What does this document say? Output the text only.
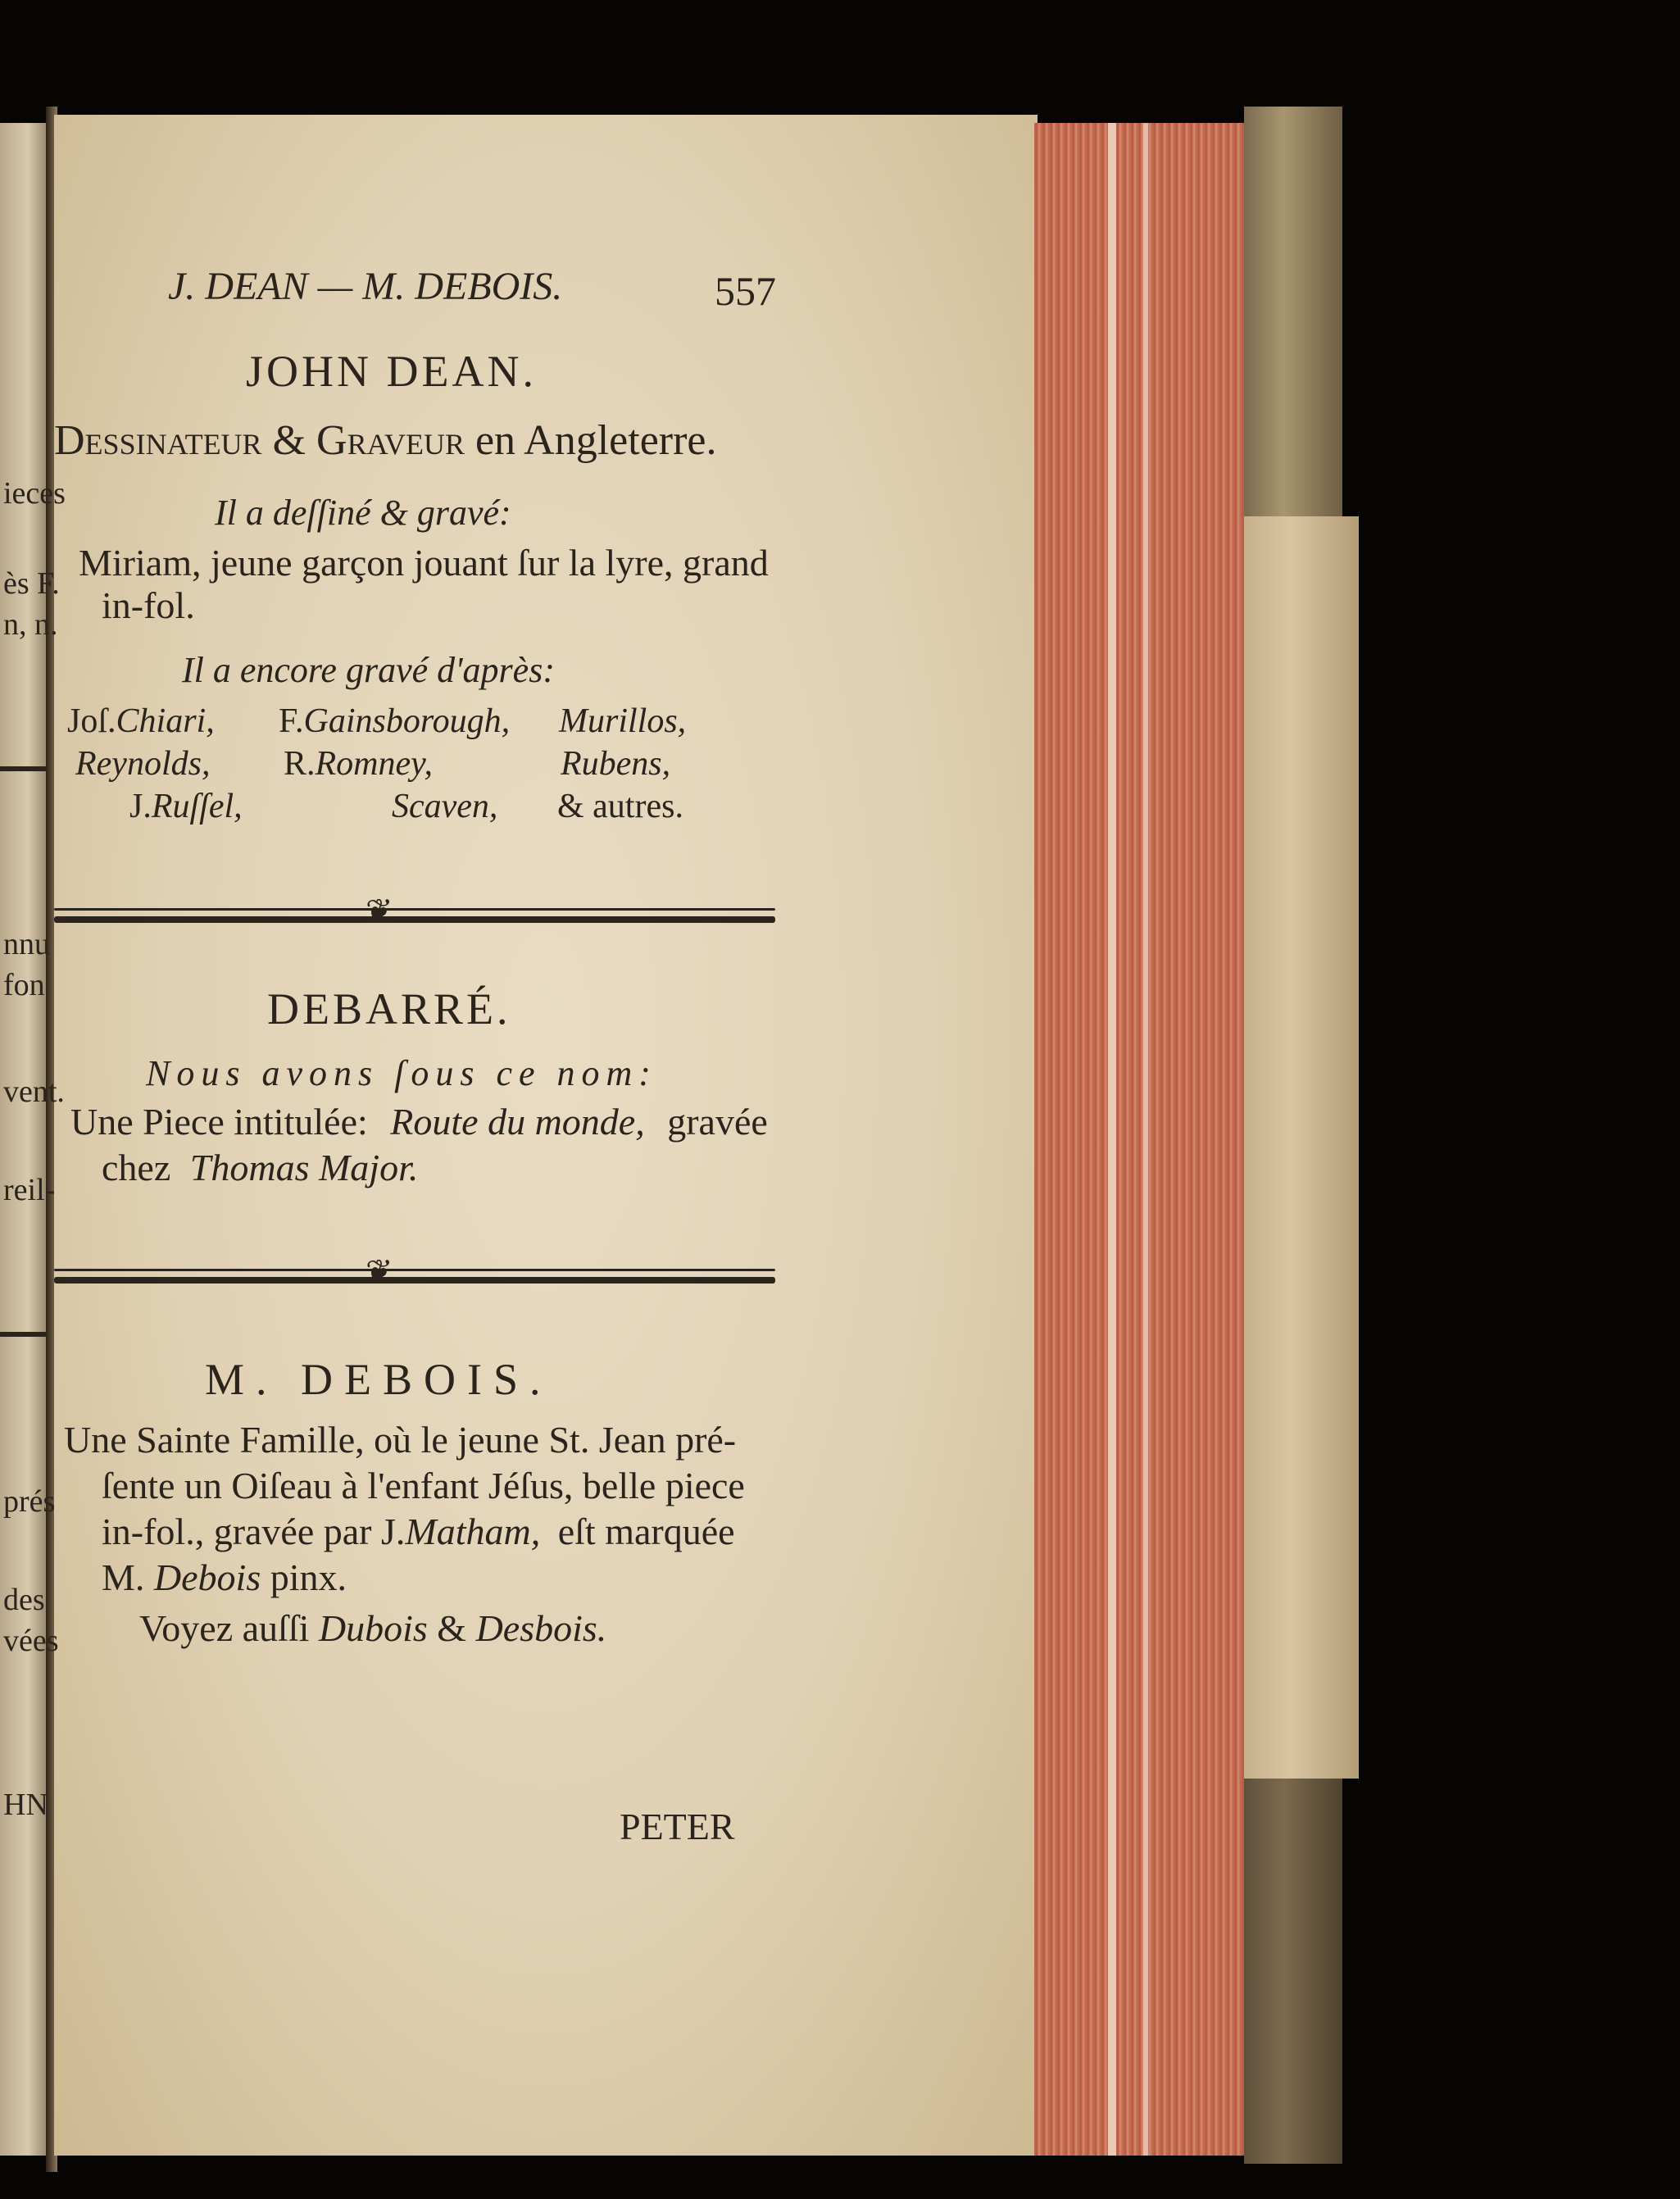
ieces
ès F.
n, n.
nnu
fon
vent.
reil-
prés
des
vées
HN
J. DEAN — M. DEBOIS.	557
JOHN DEAN.
Dessinateur & Graveur en Angleterre.
Il a deſſiné & gravé:
Miriam, jeune garçon jouant ſur la lyre, grand
in-fol.
Il a encore gravé d'après:
Joſ.Chiari, F.Gainsborough, Murillos,
Reynolds, R.Romney,	Rubens,
J.Ruſſel,	Scaven, & autres.
❦
DEBARRÉ.
Nous avons ſous ce nom:
Une Piece intitulée: Route du monde, gravée
chez Thomas Major.
❦
M. DEBOIS.
Une Sainte Famille, où le jeune St. Jean pré-
ſente un Oiſeau à l'enfant Jéſus, belle piece
in-fol., gravée par J.Matham, eſt marquée
M. Debois pinx.
Voyez auſſi Dubois & Desbois.
PETER
